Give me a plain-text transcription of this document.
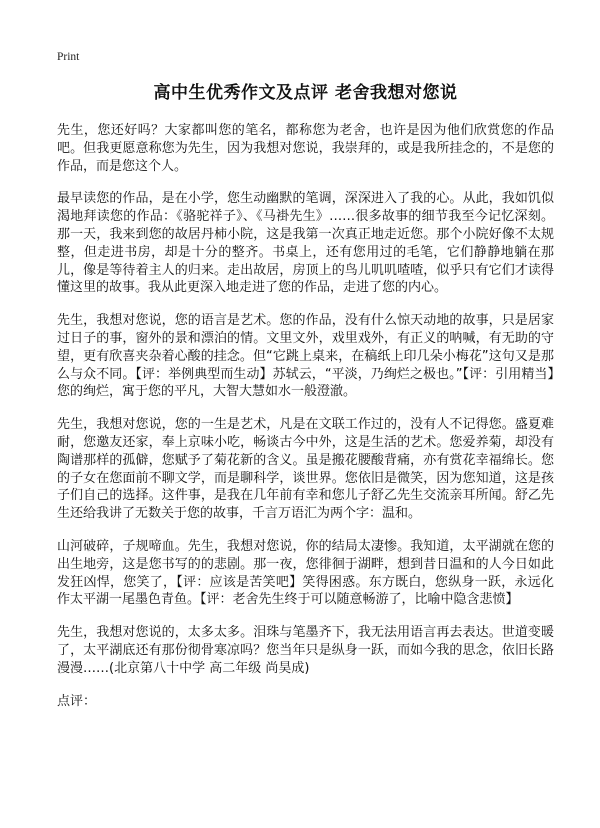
Print
高中生优秀作文及点评 老舍我想对您说

先生，您还好吗？大家都叫您的笔名，都称您为老舍，也许是因为他们欣赏您的作品吧。但我更愿意称您为先生，因为我想对您说，我崇拜的，或是我所挂念的，不是您的作品，而是您这个人。

最早读您的作品，是在小学，您生动幽默的笔调，深深进入了我的心。从此，我如饥似渴地拜读您的作品：《骆驼祥子》、《马褂先生》……很多故事的细节我至今记忆深刻。那一天，我来到您的故居丹柿小院，这是我第一次真正地走近您。那个小院好像不太规整，但走进书房，却是十分的整齐。书桌上，还有您用过的毛笔，它们静静地躺在那儿，像是等待着主人的归来。走出故居，房顶上的鸟儿叽叽喳喳，似乎只有它们才读得懂这里的故事。我从此更深入地走进了您的作品，走进了您的内心。

先生，我想对您说，您的语言是艺术。您的作品，没有什么惊天动地的故事，只是居家过日子的事，窗外的景和漂泊的情。文里文外，戏里戏外，有正义的呐喊，有无助的守望，更有欣喜夹杂着心酸的挂念。但“它跳上桌来，在稿纸上印几朵小梅花”这句又是那么与众不同。【评：举例典型而生动】苏轼云，“平淡，乃绚烂之极也。”【评：引用精当】您的绚烂，寓于您的平凡，大智大慧如水一般澄澈。

先生，我想对您说，您的一生是艺术，凡是在文联工作过的，没有人不记得您。盛夏难耐，您邀友还家，奉上京味小吃，畅谈古今中外，这是生活的艺术。您爱养菊，却没有陶谱那样的孤僻，您赋予了菊花新的含义。虽是搬花腰酸背痛，亦有赏花幸福绵长。您的子女在您面前不聊文学，而是聊科学，谈世界。您依旧是微笑，因为您知道，这是孩子们自己的选择。这件事，是我在几年前有幸和您儿子舒乙先生交流亲耳所闻。舒乙先生还给我讲了无数关于您的故事，千言万语汇为两个字：温和。

山河破碎，子规啼血。先生，我想对您说，你的结局太凄惨。我知道，太平湖就在您的出生地旁，这是您书写的的悲剧。那一夜，您徘徊于湖畔，想到昔日温和的人今日如此发狂凶悍，您笑了，【评：应该是苦笑吧】笑得困惑。东方既白，您纵身一跃，永远化作太平湖一尾墨色青鱼。【评：老舍先生终于可以随意畅游了，比喻中隐含悲愤】

先生，我想对您说的，太多太多。泪珠与笔墨齐下，我无法用语言再去表达。世道变暖了，太平湖底还有那份彻骨寒凉吗？您当年只是纵身一跃，而如今我的思念，依旧长路漫漫……(北京第八十中学 高二年级 尚昊成)

点评：
